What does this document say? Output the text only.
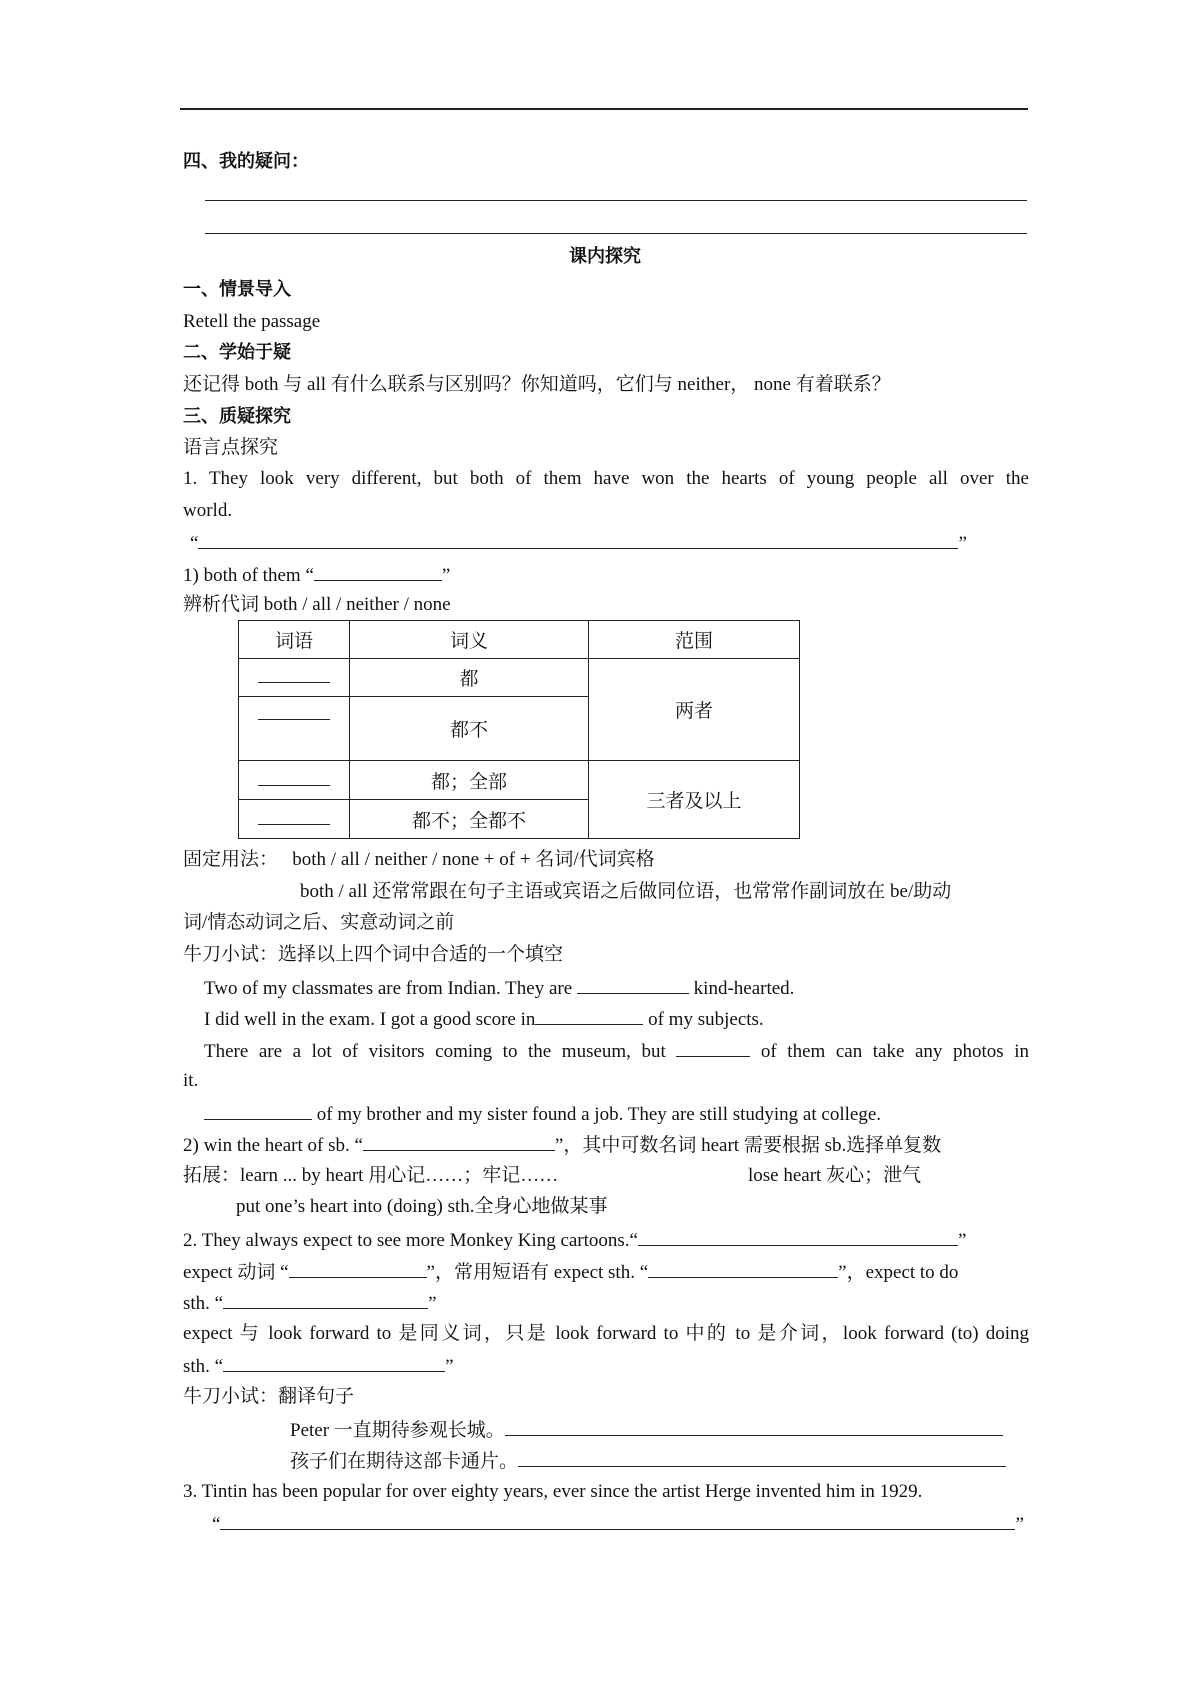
四、我的疑问：
课内探究
一、情景导入
Retell the passage
二、学始于疑
还记得 both 与 all 有什么联系与区别吗？你知道吗，它们与 neither， none 有着联系？
三、质疑探究
语言点探究
1. They look very different, but both of them have won the hearts of young people all over the
world.
“	”
1) both of them “	”
辨析代词 both / all / neither / none
词语	词义	范围
	都	两者
	都不	
	都；全部	三者及以上
	都不；全都不	
固定用法： both / all / neither / none + of + 名词/代词宾格
both / all 还常常跟在句子主语或宾语之后做同位语，也常常作副词放在 be/助动
词/情态动词之后、实意动词之前
牛刀小试：选择以上四个词中合适的一个填空
Two of my classmates are from Indian. They are	kind-hearted.
I did well in the exam. I got a good score in	of my subjects.
There are a lot of visitors coming to the museum, but	of them can take any photos in
it.
of my brother and my sister found a job. They are still studying at college.
2) win the heart of sb. “	”，其中可数名词 heart 需要根据 sb.选择单复数
拓展：learn ... by heart 用心记……；牢记……	lose heart 灰心；泄气
put one’s heart into (doing) sth.全身心地做某事
2. They always expect to see more Monkey King cartoons.“	”
expect 动词 “	”，常用短语有 expect sth. “	”，expect to do
sth. “	”
expect 与 look forward to 是同义词，只是 look forward to 中的 to 是介词，look forward (to) doing
sth. “	”
牛刀小试：翻译句子
Peter 一直期待参观长城。
孩子们在期待这部卡通片。
3. Tintin has been popular for over eighty years, ever since the artist Herge invented him in 1929.
“	”
